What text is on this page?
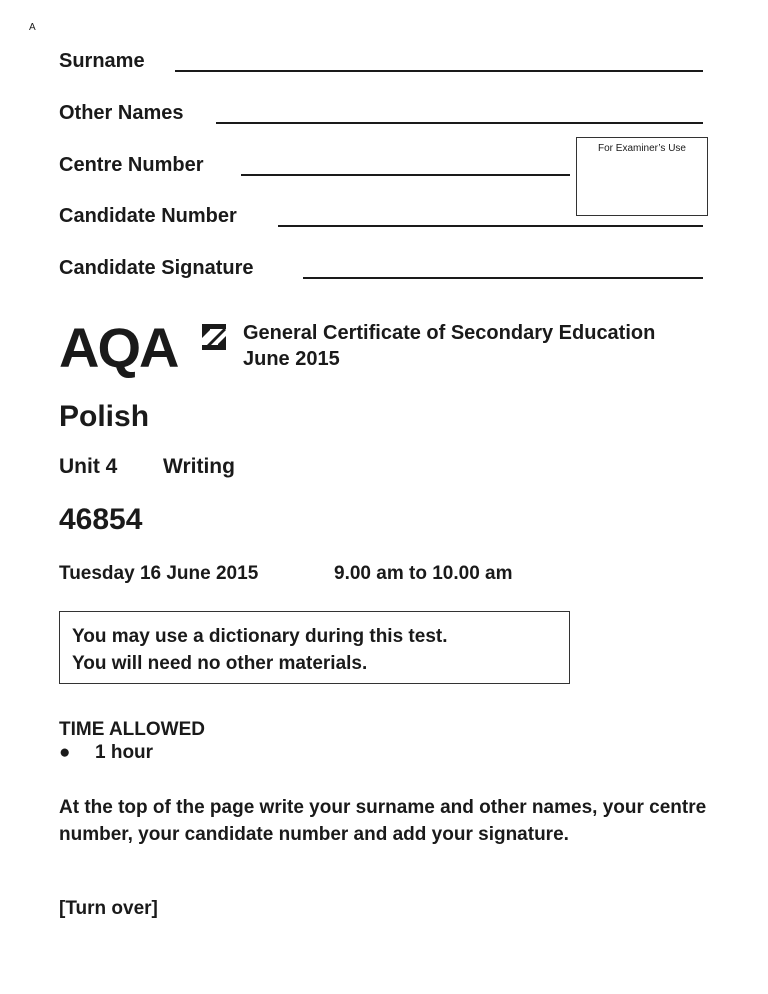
A
Surname
Other Names
Centre Number
Candidate Number
Candidate Signature
For Examiner’s Use
AQA	General Certificate of Secondary Education
June 2015
Polish
Unit 4 Writing
46854
Tuesday 16 June 2015	9.00 am to 10.00 am
You may use a dictionary during this test.
You will need no other materials.
TIME ALLOWED
● 1 hour
At the top of the page write your surname and other names, your centre number, your candidate number and add your signature.
[Turn over]
